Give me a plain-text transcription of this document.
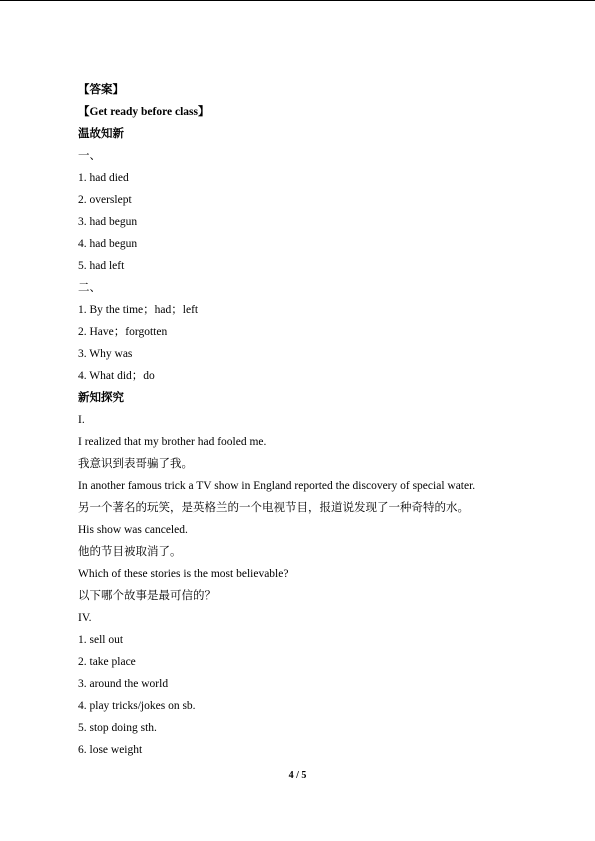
【答案】
【Get ready before class】
温故知新
一、
1. had died
2. overslept
3. had begun
4. had begun
5. had left
二、
1. By the time；had；left
2. Have；forgotten
3. Why was
4. What did；do
新知探究
I.
I realized that my brother had fooled me.
我意识到表哥骗了我。
In another famous trick a TV show in England reported the discovery of special water.
另一个著名的玩笑，是英格兰的一个电视节目，报道说发现了一种奇特的水。
His show was canceled.
他的节目被取消了。
Which of these stories is the most believable?
以下哪个故事是最可信的？
IV.
1. sell out
2. take place
3. around the world
4. play tricks/jokes on sb.
5. stop doing sth.
6. lose weight
4 / 5
